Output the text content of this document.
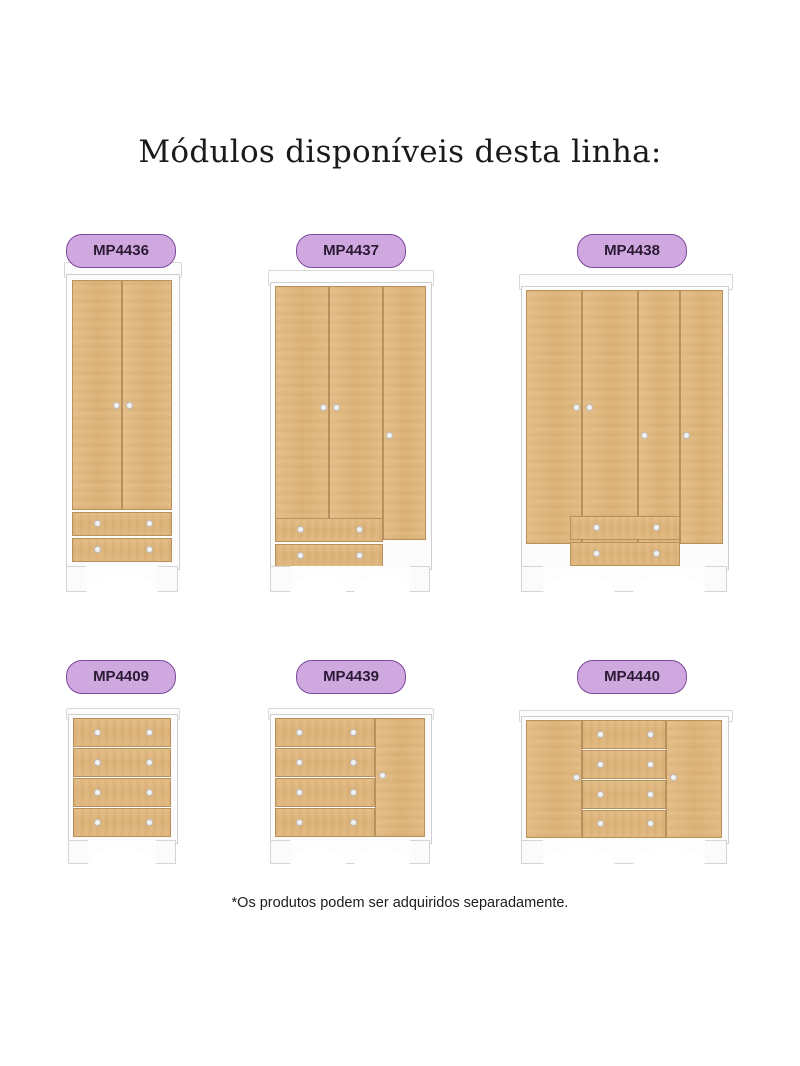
Módulos disponíveis desta linha:
MP4436	MP4437	MP4438
MP4409	MP4439	MP4440
*Os produtos podem ser adquiridos separadamente.
